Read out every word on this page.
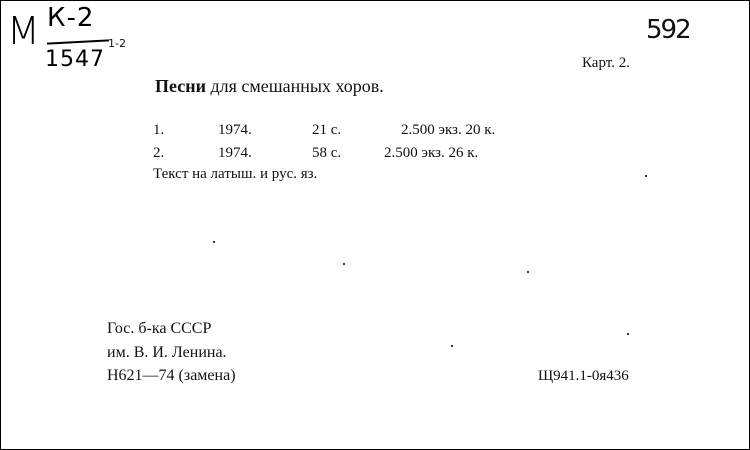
М К-2
1547
1-2	592
Карт. 2.
Песни для смешанных хоров.
1.	1974.	21 с.	2.500 экз. 20 к.
2.	1974.	58 с.	2.500 экз. 26 к.
Текст на латыш. и рус. яз.
Гос. б-ка СССР
им. В. И. Ленина.
Н621—74 (замена)	Щ941.1-0я436
